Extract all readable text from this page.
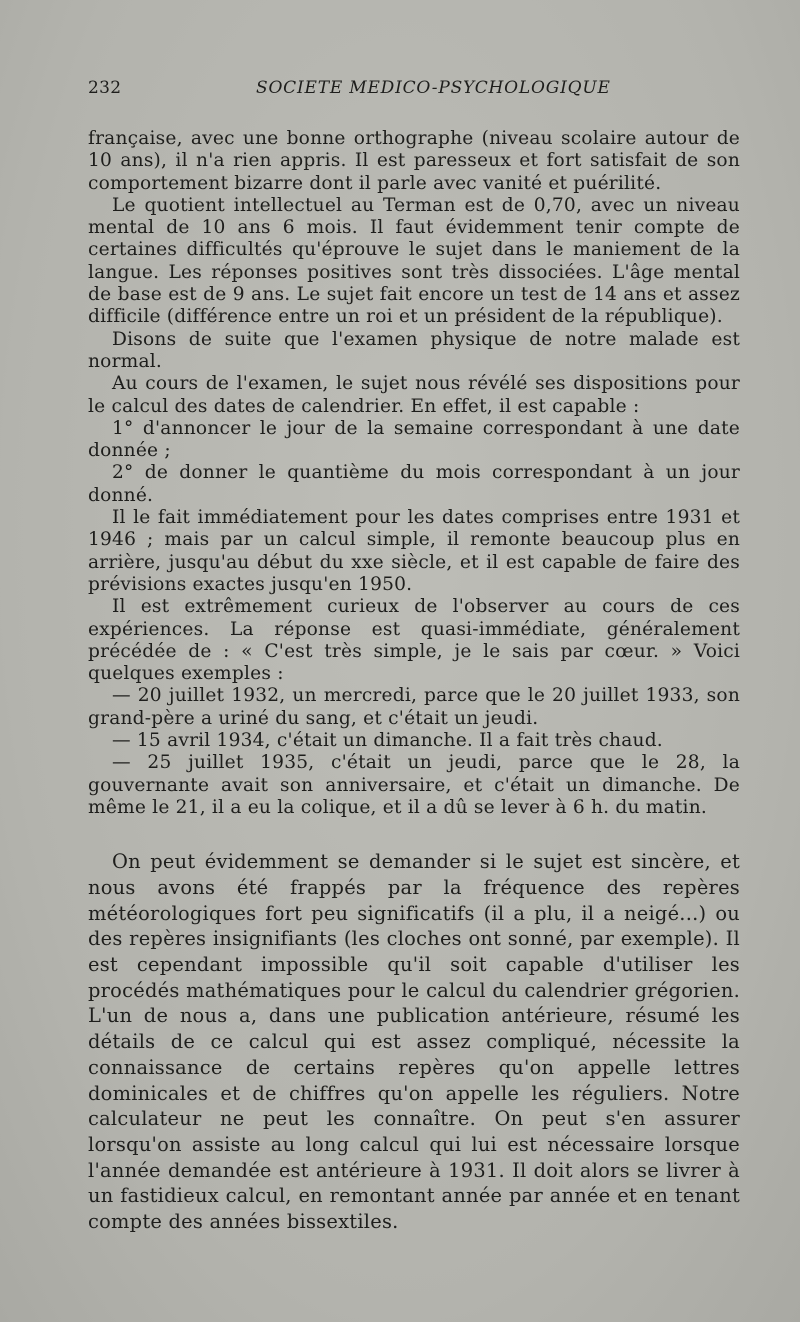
232	SOCIETE MEDICO-PSYCHOLOGIQUE

française, avec une bonne orthographe (niveau scolaire autour de 10 ans), il n'a rien appris. Il est paresseux et fort satisfait de son comportement bizarre dont il parle avec vanité et puérilité.

Le quotient intellectuel au Terman est de 0,70, avec un niveau mental de 10 ans 6 mois. Il faut évidemment tenir compte de certaines difficultés qu'éprouve le sujet dans le maniement de la langue. Les réponses positives sont très dissociées. L'âge mental de base est de 9 ans. Le sujet fait encore un test de 14 ans et assez difficile (différence entre un roi et un président de la république).

Disons de suite que l'examen physique de notre malade est normal.

Au cours de l'examen, le sujet nous révélé ses dispositions pour le calcul des dates de calendrier. En effet, il est capable :

1° d'annoncer le jour de la semaine correspondant à une date donnée ;

2° de donner le quantième du mois correspondant à un jour donné.

Il le fait immédiatement pour les dates comprises entre 1931 et 1946 ; mais par un calcul simple, il remonte beaucoup plus en arrière, jusqu'au début du xxe siècle, et il est capable de faire des prévisions exactes jusqu'en 1950.

Il est extrêmement curieux de l'observer au cours de ces expériences. La réponse est quasi-immédiate, généralement précédée de : « C'est très simple, je le sais par cœur. » Voici quelques exemples :

— 20 juillet 1932, un mercredi, parce que le 20 juillet 1933, son grand-père a uriné du sang, et c'était un jeudi.

— 15 avril 1934, c'était un dimanche. Il a fait très chaud.

— 25 juillet 1935, c'était un jeudi, parce que le 28, la gouvernante avait son anniversaire, et c'était un dimanche. De même le 21, il a eu la colique, et il a dû se lever à 6 h. du matin.

On peut évidemment se demander si le sujet est sincère, et nous avons été frappés par la fréquence des repères météorologiques fort peu significatifs (il a plu, il a neigé...) ou des repères insignifiants (les cloches ont sonné, par exemple). Il est cependant impossible qu'il soit capable d'utiliser les procédés mathématiques pour le calcul du calendrier grégorien. L'un de nous a, dans une publication antérieure, résumé les détails de ce calcul qui est assez compliqué, nécessite la connaissance de certains repères qu'on appelle lettres dominicales et de chiffres qu'on appelle les réguliers. Notre calculateur ne peut les connaître. On peut s'en assurer lorsqu'on assiste au long calcul qui lui est nécessaire lorsque l'année demandée est antérieure à 1931. Il doit alors se livrer à un fastidieux calcul, en remontant année par année et en tenant compte des années bissextiles.
